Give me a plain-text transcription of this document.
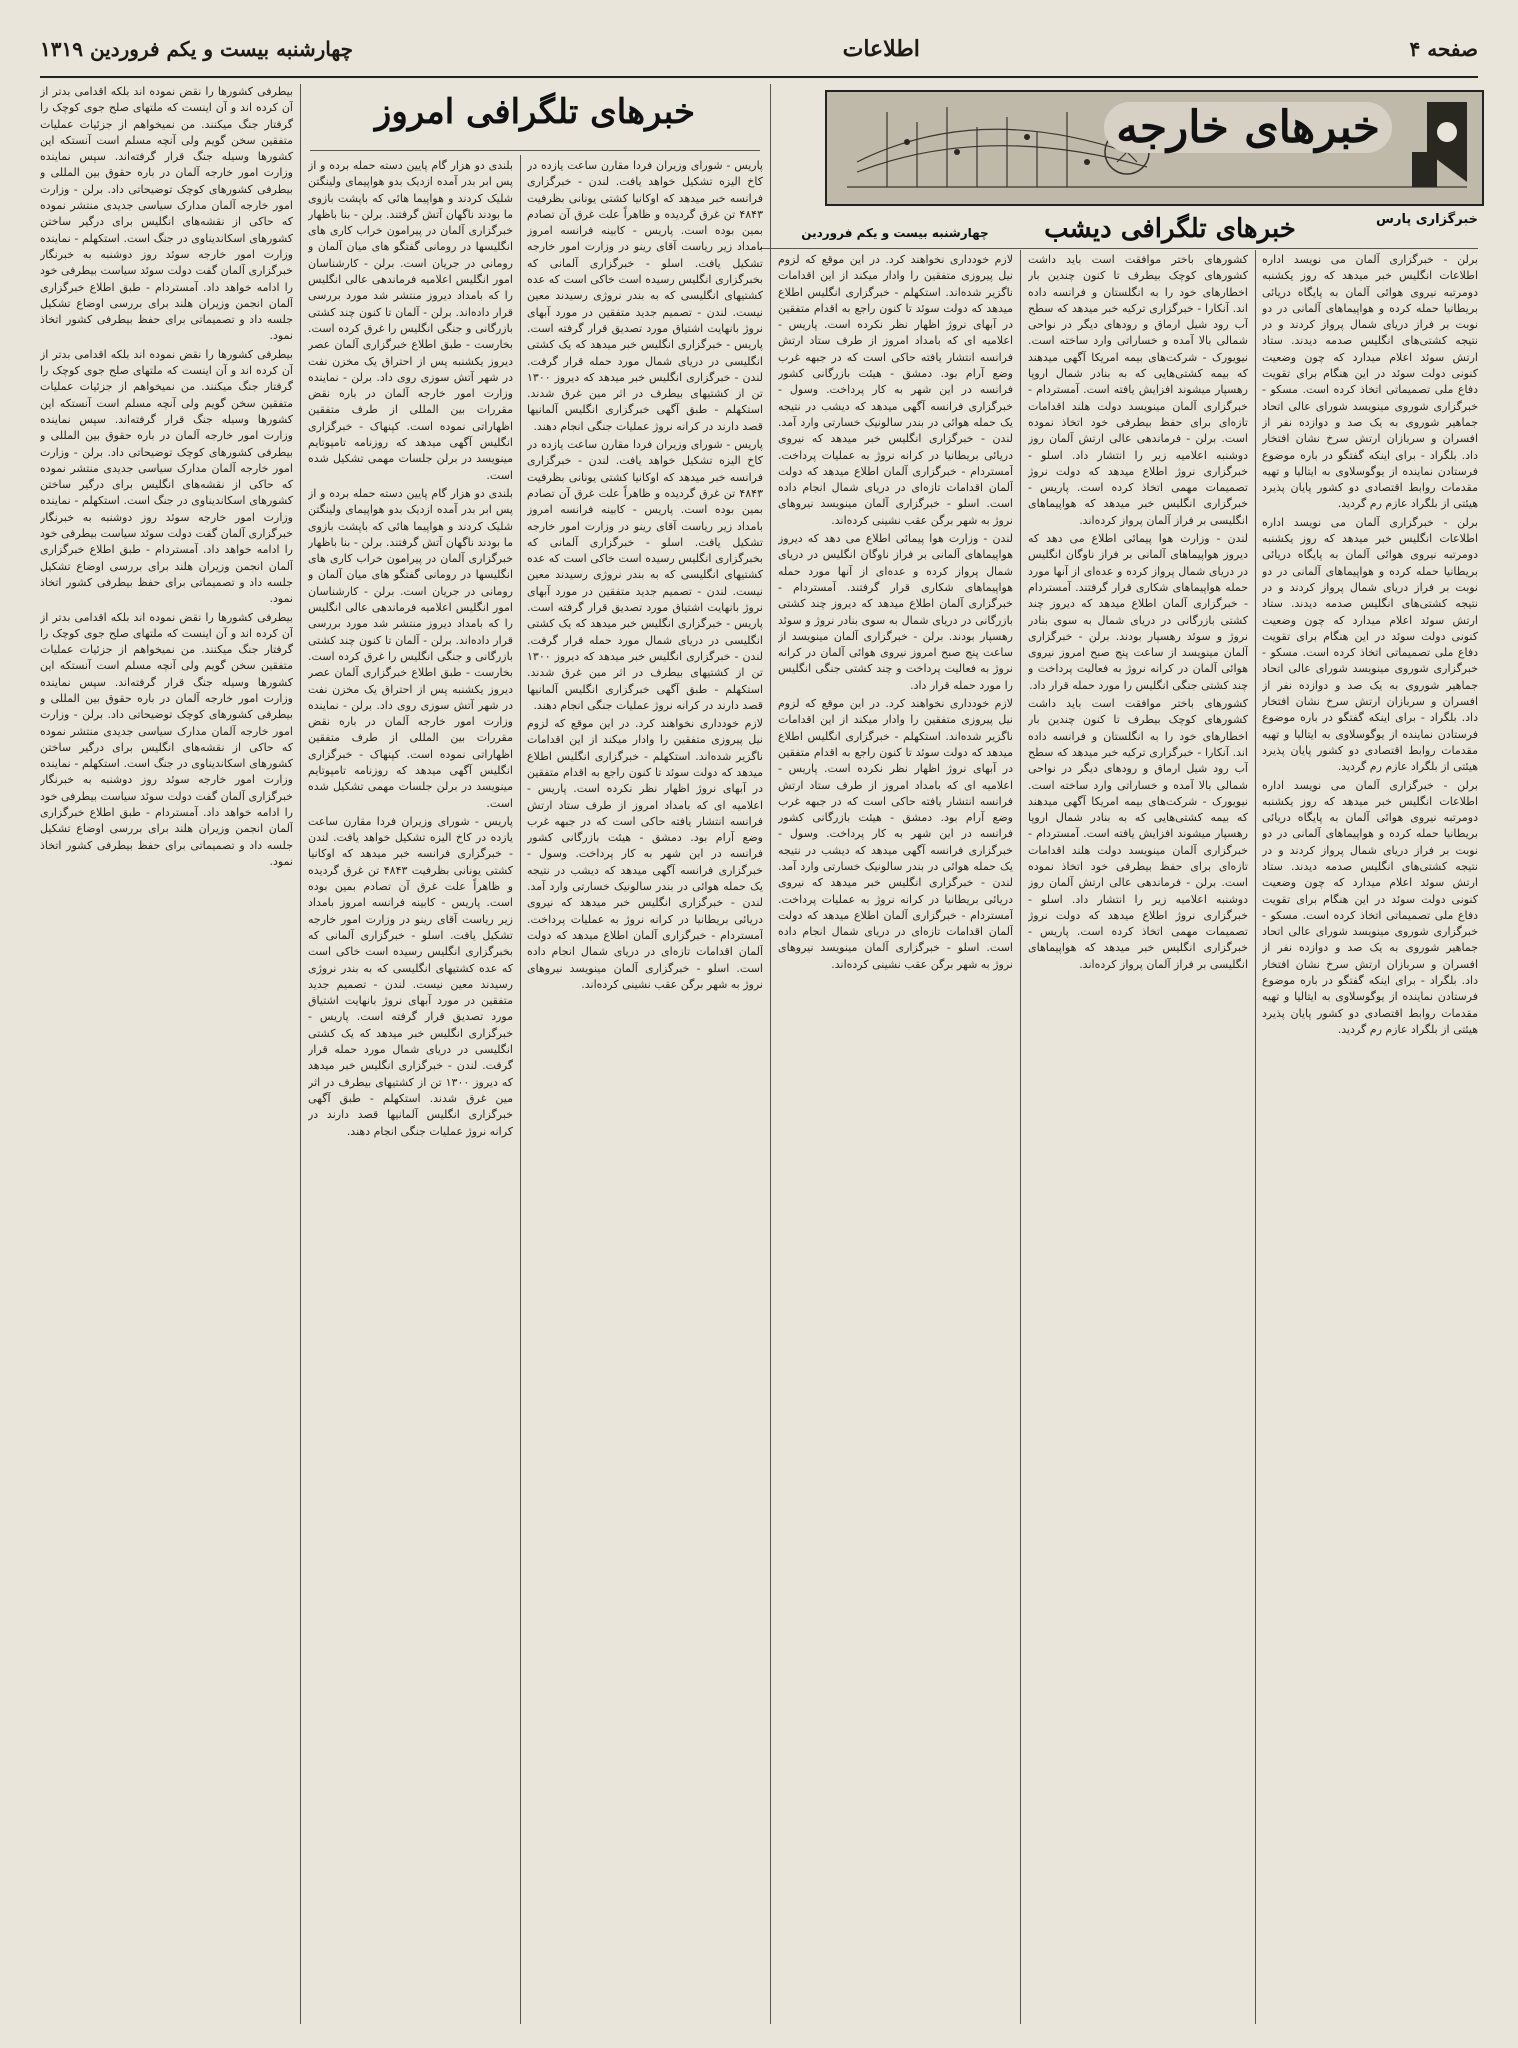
صفحه ۴
اطلاعات
چهارشنبه بیست و یکم فروردین ۱۳۱۹
خبرهای خارجه
خبرگزاری پارس
خبرهای تلگرافی دیشب
چهارشنبه بیست و یکم فروردین
خبرهای تلگرافی امروز

برلن - خبرگزاری آلمان می نویسد اداره اطلاعات انگلیس خبر میدهد که روز یکشنبه دومرتبه نیروی هوائی آلمان به پایگاه دریائی بریطانیا حمله کرده و هواپیماهای آلمانی در دو نوبت بر فراز دریای شمال پرواز کردند و در نتیجه کشتی‌های انگلیس صدمه دیدند. ستاد ارتش سوئد اعلام میدارد که چون وضعیت کنونی دولت سوئد در این هنگام برای تقویت دفاع ملی تصمیماتی اتخاذ کرده است. مسکو - خبرگزاری شوروی مینویسد شورای عالی اتحاد جماهیر شوروی به یک صد و دوازده نفر از افسران و سربازان ارتش سرخ نشان افتخار داد. بلگراد - برای اینکه گفتگو در باره موضوع فرستادن نماینده از یوگوسلاوی به ایتالیا و تهیه مقدمات روابط اقتصادی دو کشور پایان پذیرد هیئتی از بلگراد عازم رم گردید.

برلن - خبرگزاری آلمان می نویسد اداره اطلاعات انگلیس خبر میدهد که روز یکشنبه دومرتبه نیروی هوائی آلمان به پایگاه دریائی بریطانیا حمله کرده و هواپیماهای آلمانی در دو نوبت بر فراز دریای شمال پرواز کردند و در نتیجه کشتی‌های انگلیس صدمه دیدند. ستاد ارتش سوئد اعلام میدارد که چون وضعیت کنونی دولت سوئد در این هنگام برای تقویت دفاع ملی تصمیماتی اتخاذ کرده است. مسکو - خبرگزاری شوروی مینویسد شورای عالی اتحاد جماهیر شوروی به یک صد و دوازده نفر از افسران و سربازان ارتش سرخ نشان افتخار داد. بلگراد - برای اینکه گفتگو در باره موضوع فرستادن نماینده از یوگوسلاوی به ایتالیا و تهیه مقدمات روابط اقتصادی دو کشور پایان پذیرد هیئتی از بلگراد عازم رم گردید.

برلن - خبرگزاری آلمان می نویسد اداره اطلاعات انگلیس خبر میدهد که روز یکشنبه دومرتبه نیروی هوائی آلمان به پایگاه دریائی بریطانیا حمله کرده و هواپیماهای آلمانی در دو نوبت بر فراز دریای شمال پرواز کردند و در نتیجه کشتی‌های انگلیس صدمه دیدند. ستاد ارتش سوئد اعلام میدارد که چون وضعیت کنونی دولت سوئد در این هنگام برای تقویت دفاع ملی تصمیماتی اتخاذ کرده است. مسکو - خبرگزاری شوروی مینویسد شورای عالی اتحاد جماهیر شوروی به یک صد و دوازده نفر از افسران و سربازان ارتش سرخ نشان افتخار داد. بلگراد - برای اینکه گفتگو در باره موضوع فرستادن نماینده از یوگوسلاوی به ایتالیا و تهیه مقدمات روابط اقتصادی دو کشور پایان پذیرد هیئتی از بلگراد عازم رم گردید.

کشورهای باختر موافقت است باید داشت کشورهای کوچک بیطرف تا کنون چندین بار اخطارهای خود را به انگلستان و فرانسه داده اند. آنکارا - خبرگزاری ترکیه خبر میدهد که سطح آب رود شیل ارماق و رودهای دیگر در نواحی شمالی بالا آمده و خساراتی وارد ساخته است. نیویورک - شرکت‌های بیمه امریکا آگهی میدهند که بیمه کشتی‌هایی که به بنادر شمال اروپا رهسپار میشوند افزایش یافته است. آمستردام - خبرگزاری آلمان مینویسد دولت هلند اقدامات تازه‌ای برای حفظ بیطرفی خود اتخاذ نموده است. برلن - فرماندهی عالی ارتش آلمان روز دوشنبه اعلامیه زیر را انتشار داد. اسلو - خبرگزاری نروژ اطلاع میدهد که دولت نروژ تصمیمات مهمی اتخاذ کرده است. پاریس - خبرگزاری انگلیس خبر میدهد که هواپیماهای انگلیسی بر فراز آلمان پرواز کرده‌اند.

لندن - وزارت هوا پیمائی اطلاع می دهد که دیروز هواپیماهای آلمانی بر فراز ناوگان انگلیس در دریای شمال پرواز کرده و عده‌ای از آنها مورد حمله هواپیماهای شکاری قرار گرفتند. آمستردام - خبرگزاری آلمان اطلاع میدهد که دیروز چند کشتی بازرگانی در دریای شمال به سوی بنادر نروژ و سوئد رهسپار بودند. برلن - خبرگزاری آلمان مینویسد از ساعت پنج صبح امروز نیروی هوائی آلمان در کرانه نروژ به فعالیت پرداخت و چند کشتی جنگی انگلیس را مورد حمله قرار داد.

کشورهای باختر موافقت است باید داشت کشورهای کوچک بیطرف تا کنون چندین بار اخطارهای خود را به انگلستان و فرانسه داده اند. آنکارا - خبرگزاری ترکیه خبر میدهد که سطح آب رود شیل ارماق و رودهای دیگر در نواحی شمالی بالا آمده و خساراتی وارد ساخته است. نیویورک - شرکت‌های بیمه امریکا آگهی میدهند که بیمه کشتی‌هایی که به بنادر شمال اروپا رهسپار میشوند افزایش یافته است. آمستردام - خبرگزاری آلمان مینویسد دولت هلند اقدامات تازه‌ای برای حفظ بیطرفی خود اتخاذ نموده است. برلن - فرماندهی عالی ارتش آلمان روز دوشنبه اعلامیه زیر را انتشار داد. اسلو - خبرگزاری نروژ اطلاع میدهد که دولت نروژ تصمیمات مهمی اتخاذ کرده است. پاریس - خبرگزاری انگلیس خبر میدهد که هواپیماهای انگلیسی بر فراز آلمان پرواز کرده‌اند.

لازم خودداری نخواهند کرد. در این موقع که لزوم نیل پیروزی متفقین را وادار میکند از این اقدامات ناگزیر شده‌اند. استکهلم - خبرگزاری انگلیس اطلاع میدهد که دولت سوئد تا کنون راجع به اقدام متفقین در آبهای نروژ اظهار نظر نکرده است. پاریس - اعلامیه ای که بامداد امروز از طرف ستاد ارتش فرانسه انتشار یافته حاکی است که در جبهه غرب وضع آرام بود. دمشق - هیئت بازرگانی کشور فرانسه در این شهر به کار پرداخت. وسول - خبرگزاری فرانسه آگهی میدهد که دیشب در نتیجه یک حمله هوائی در بندر سالونیک خسارتی وارد آمد. لندن - خبرگزاری انگلیس خبر میدهد که نیروی دریائی بریطانیا در کرانه نروژ به عملیات پرداخت. آمستردام - خبرگزاری آلمان اطلاع میدهد که دولت آلمان اقدامات تازه‌ای در دریای شمال انجام داده است. اسلو - خبرگزاری آلمان مینویسد نیروهای نروژ به شهر برگن عقب نشینی کرده‌اند.

لندن - وزارت هوا پیمائی اطلاع می دهد که دیروز هواپیماهای آلمانی بر فراز ناوگان انگلیس در دریای شمال پرواز کرده و عده‌ای از آنها مورد حمله هواپیماهای شکاری قرار گرفتند. آمستردام - خبرگزاری آلمان اطلاع میدهد که دیروز چند کشتی بازرگانی در دریای شمال به سوی بنادر نروژ و سوئد رهسپار بودند. برلن - خبرگزاری آلمان مینویسد از ساعت پنج صبح امروز نیروی هوائی آلمان در کرانه نروژ به فعالیت پرداخت و چند کشتی جنگی انگلیس را مورد حمله قرار داد.

لازم خودداری نخواهند کرد. در این موقع که لزوم نیل پیروزی متفقین را وادار میکند از این اقدامات ناگزیر شده‌اند. استکهلم - خبرگزاری انگلیس اطلاع میدهد که دولت سوئد تا کنون راجع به اقدام متفقین در آبهای نروژ اظهار نظر نکرده است. پاریس - اعلامیه ای که بامداد امروز از طرف ستاد ارتش فرانسه انتشار یافته حاکی است که در جبهه غرب وضع آرام بود. دمشق - هیئت بازرگانی کشور فرانسه در این شهر به کار پرداخت. وسول - خبرگزاری فرانسه آگهی میدهد که دیشب در نتیجه یک حمله هوائی در بندر سالونیک خسارتی وارد آمد. لندن - خبرگزاری انگلیس خبر میدهد که نیروی دریائی بریطانیا در کرانه نروژ به عملیات پرداخت. آمستردام - خبرگزاری آلمان اطلاع میدهد که دولت آلمان اقدامات تازه‌ای در دریای شمال انجام داده است. اسلو - خبرگزاری آلمان مینویسد نیروهای نروژ به شهر برگن عقب نشینی کرده‌اند.

پاریس - شورای وزیران فردا مقارن ساعت یازده در کاخ الیزه تشکیل خواهد یافت. لندن - خبرگزاری فرانسه خبر میدهد که اوکانیا کشتی یونانی بظرفیت ۴۸۴۳ تن غرق گردیده و ظاهراً علت غرق آن تصادم بمین بوده است. پاریس - کابینه فرانسه امروز بامداد زیر ریاست آقای رینو در وزارت امور خارجه تشکیل یافت. اسلو - خبرگزاری آلمانی که بخبرگزاری انگلیس رسیده است خاکی است که عده کشتیهای انگلیسی که به بندر نروژی رسیدند معین نیست. لندن - تصمیم جدید متفقین در مورد آبهای نروژ بانهایت اشتیاق مورد تصدیق قرار گرفته است. پاریس - خبرگزاری انگلیس خبر میدهد که یک کشتی انگلیسی در دریای شمال مورد حمله قرار گرفت. لندن - خبرگزاری انگلیس خبر میدهد که دیروز ۱۳۰۰ تن از کشتیهای بیطرف در اثر مین غرق شدند. استکهلم - طبق آگهی خبرگزاری انگلیس آلمانیها قصد دارند در کرانه نروژ عملیات جنگی انجام دهند.

پاریس - شورای وزیران فردا مقارن ساعت یازده در کاخ الیزه تشکیل خواهد یافت. لندن - خبرگزاری فرانسه خبر میدهد که اوکانیا کشتی یونانی بظرفیت ۴۸۴۳ تن غرق گردیده و ظاهراً علت غرق آن تصادم بمین بوده است. پاریس - کابینه فرانسه امروز بامداد زیر ریاست آقای رینو در وزارت امور خارجه تشکیل یافت. اسلو - خبرگزاری آلمانی که بخبرگزاری انگلیس رسیده است خاکی است که عده کشتیهای انگلیسی که به بندر نروژی رسیدند معین نیست. لندن - تصمیم جدید متفقین در مورد آبهای نروژ بانهایت اشتیاق مورد تصدیق قرار گرفته است. پاریس - خبرگزاری انگلیس خبر میدهد که یک کشتی انگلیسی در دریای شمال مورد حمله قرار گرفت. لندن - خبرگزاری انگلیس خبر میدهد که دیروز ۱۳۰۰ تن از کشتیهای بیطرف در اثر مین غرق شدند. استکهلم - طبق آگهی خبرگزاری انگلیس آلمانیها قصد دارند در کرانه نروژ عملیات جنگی انجام دهند.

لازم خودداری نخواهند کرد. در این موقع که لزوم نیل پیروزی متفقین را وادار میکند از این اقدامات ناگزیر شده‌اند. استکهلم - خبرگزاری انگلیس اطلاع میدهد که دولت سوئد تا کنون راجع به اقدام متفقین در آبهای نروژ اظهار نظر نکرده است. پاریس - اعلامیه ای که بامداد امروز از طرف ستاد ارتش فرانسه انتشار یافته حاکی است که در جبهه غرب وضع آرام بود. دمشق - هیئت بازرگانی کشور فرانسه در این شهر به کار پرداخت. وسول - خبرگزاری فرانسه آگهی میدهد که دیشب در نتیجه یک حمله هوائی در بندر سالونیک خسارتی وارد آمد. لندن - خبرگزاری انگلیس خبر میدهد که نیروی دریائی بریطانیا در کرانه نروژ به عملیات پرداخت. آمستردام - خبرگزاری آلمان اطلاع میدهد که دولت آلمان اقدامات تازه‌ای در دریای شمال انجام داده است. اسلو - خبرگزاری آلمان مینویسد نیروهای نروژ به شهر برگن عقب نشینی کرده‌اند.

بلندی دو هزار گام پایین دسته حمله برده و از پس ابر بدر آمده ازدیک بدو هواپیمای ولینگتن شلیک کردند و هواپیما هائی که باپشت بازوی ما بودند ناگهان آتش گرفتند. برلن - بنا باظهار خبرگزاری آلمان در پیرامون خراب کاری های انگلیسها در رومانی گفتگو های میان آلمان و رومانی در جریان است. برلن - کارشناسان امور انگلیس اعلامیه فرماندهی عالی انگلیس را که بامداد دیروز منتشر شد مورد بررسی قرار داده‌اند. برلن - آلمان تا کنون چند کشتی بازرگانی و جنگی انگلیس را غرق کرده است. بخارست - طبق اطلاع خبرگزاری آلمان عصر دیروز یکشنبه پس از احتراق یک مخزن نفت در شهر آتش سوزی روی داد. برلن - نماینده وزارت امور خارجه آلمان در باره نقض مقررات بین المللی از طرف متفقین اظهاراتی نموده است. کپنهاک - خبرگزاری انگلیس آگهی میدهد که روزنامه تامپوتایم مینویسد در برلن جلسات مهمی تشکیل شده است.

بلندی دو هزار گام پایین دسته حمله برده و از پس ابر بدر آمده ازدیک بدو هواپیمای ولینگتن شلیک کردند و هواپیما هائی که باپشت بازوی ما بودند ناگهان آتش گرفتند. برلن - بنا باظهار خبرگزاری آلمان در پیرامون خراب کاری های انگلیسها در رومانی گفتگو های میان آلمان و رومانی در جریان است. برلن - کارشناسان امور انگلیس اعلامیه فرماندهی عالی انگلیس را که بامداد دیروز منتشر شد مورد بررسی قرار داده‌اند. برلن - آلمان تا کنون چند کشتی بازرگانی و جنگی انگلیس را غرق کرده است. بخارست - طبق اطلاع خبرگزاری آلمان عصر دیروز یکشنبه پس از احتراق یک مخزن نفت در شهر آتش سوزی روی داد. برلن - نماینده وزارت امور خارجه آلمان در باره نقض مقررات بین المللی از طرف متفقین اظهاراتی نموده است. کپنهاک - خبرگزاری انگلیس آگهی میدهد که روزنامه تامپوتایم مینویسد در برلن جلسات مهمی تشکیل شده است.

پاریس - شورای وزیران فردا مقارن ساعت یازده در کاخ الیزه تشکیل خواهد یافت. لندن - خبرگزاری فرانسه خبر میدهد که اوکانیا کشتی یونانی بظرفیت ۴۸۴۳ تن غرق گردیده و ظاهراً علت غرق آن تصادم بمین بوده است. پاریس - کابینه فرانسه امروز بامداد زیر ریاست آقای رینو در وزارت امور خارجه تشکیل یافت. اسلو - خبرگزاری آلمانی که بخبرگزاری انگلیس رسیده است خاکی است که عده کشتیهای انگلیسی که به بندر نروژی رسیدند معین نیست. لندن - تصمیم جدید متفقین در مورد آبهای نروژ بانهایت اشتیاق مورد تصدیق قرار گرفته است. پاریس - خبرگزاری انگلیس خبر میدهد که یک کشتی انگلیسی در دریای شمال مورد حمله قرار گرفت. لندن - خبرگزاری انگلیس خبر میدهد که دیروز ۱۳۰۰ تن از کشتیهای بیطرف در اثر مین غرق شدند. استکهلم - طبق آگهی خبرگزاری انگلیس آلمانیها قصد دارند در کرانه نروژ عملیات جنگی انجام دهند.

بیطرفی کشورها را نقض نموده اند بلکه اقدامی بدتر از آن کرده اند و آن اینست که ملتهای صلح جوی کوچک را گرفتار جنگ میکنند. من نمیخواهم از جزئیات عملیات متفقین سخن گویم ولی آنچه مسلم است آنستکه این کشورها وسیله جنگ قرار گرفته‌اند. سپس نماینده وزارت امور خارجه آلمان در باره حقوق بین المللی و بیطرفی کشورهای کوچک توضیحاتی داد. برلن - وزارت امور خارجه آلمان مدارک سیاسی جدیدی منتشر نموده که حاکی از نقشه‌های انگلیس برای درگیر ساختن کشورهای اسکاندیناوی در جنگ است. استکهلم - نماینده وزارت امور خارجه سوئد روز دوشنبه به خبرنگار خبرگزاری آلمان گفت دولت سوئد سیاست بیطرفی خود را ادامه خواهد داد. آمستردام - طبق اطلاع خبرگزاری آلمان انجمن وزیران هلند برای بررسی اوضاع تشکیل جلسه داد و تصمیماتی برای حفظ بیطرفی کشور اتخاذ نمود.

بیطرفی کشورها را نقض نموده اند بلکه اقدامی بدتر از آن کرده اند و آن اینست که ملتهای صلح جوی کوچک را گرفتار جنگ میکنند. من نمیخواهم از جزئیات عملیات متفقین سخن گویم ولی آنچه مسلم است آنستکه این کشورها وسیله جنگ قرار گرفته‌اند. سپس نماینده وزارت امور خارجه آلمان در باره حقوق بین المللی و بیطرفی کشورهای کوچک توضیحاتی داد. برلن - وزارت امور خارجه آلمان مدارک سیاسی جدیدی منتشر نموده که حاکی از نقشه‌های انگلیس برای درگیر ساختن کشورهای اسکاندیناوی در جنگ است. استکهلم - نماینده وزارت امور خارجه سوئد روز دوشنبه به خبرنگار خبرگزاری آلمان گفت دولت سوئد سیاست بیطرفی خود را ادامه خواهد داد. آمستردام - طبق اطلاع خبرگزاری آلمان انجمن وزیران هلند برای بررسی اوضاع تشکیل جلسه داد و تصمیماتی برای حفظ بیطرفی کشور اتخاذ نمود.

بیطرفی کشورها را نقض نموده اند بلکه اقدامی بدتر از آن کرده اند و آن اینست که ملتهای صلح جوی کوچک را گرفتار جنگ میکنند. من نمیخواهم از جزئیات عملیات متفقین سخن گویم ولی آنچه مسلم است آنستکه این کشورها وسیله جنگ قرار گرفته‌اند. سپس نماینده وزارت امور خارجه آلمان در باره حقوق بین المللی و بیطرفی کشورهای کوچک توضیحاتی داد. برلن - وزارت امور خارجه آلمان مدارک سیاسی جدیدی منتشر نموده که حاکی از نقشه‌های انگلیس برای درگیر ساختن کشورهای اسکاندیناوی در جنگ است. استکهلم - نماینده وزارت امور خارجه سوئد روز دوشنبه به خبرنگار خبرگزاری آلمان گفت دولت سوئد سیاست بیطرفی خود را ادامه خواهد داد. آمستردام - طبق اطلاع خبرگزاری آلمان انجمن وزیران هلند برای بررسی اوضاع تشکیل جلسه داد و تصمیماتی برای حفظ بیطرفی کشور اتخاذ نمود.
